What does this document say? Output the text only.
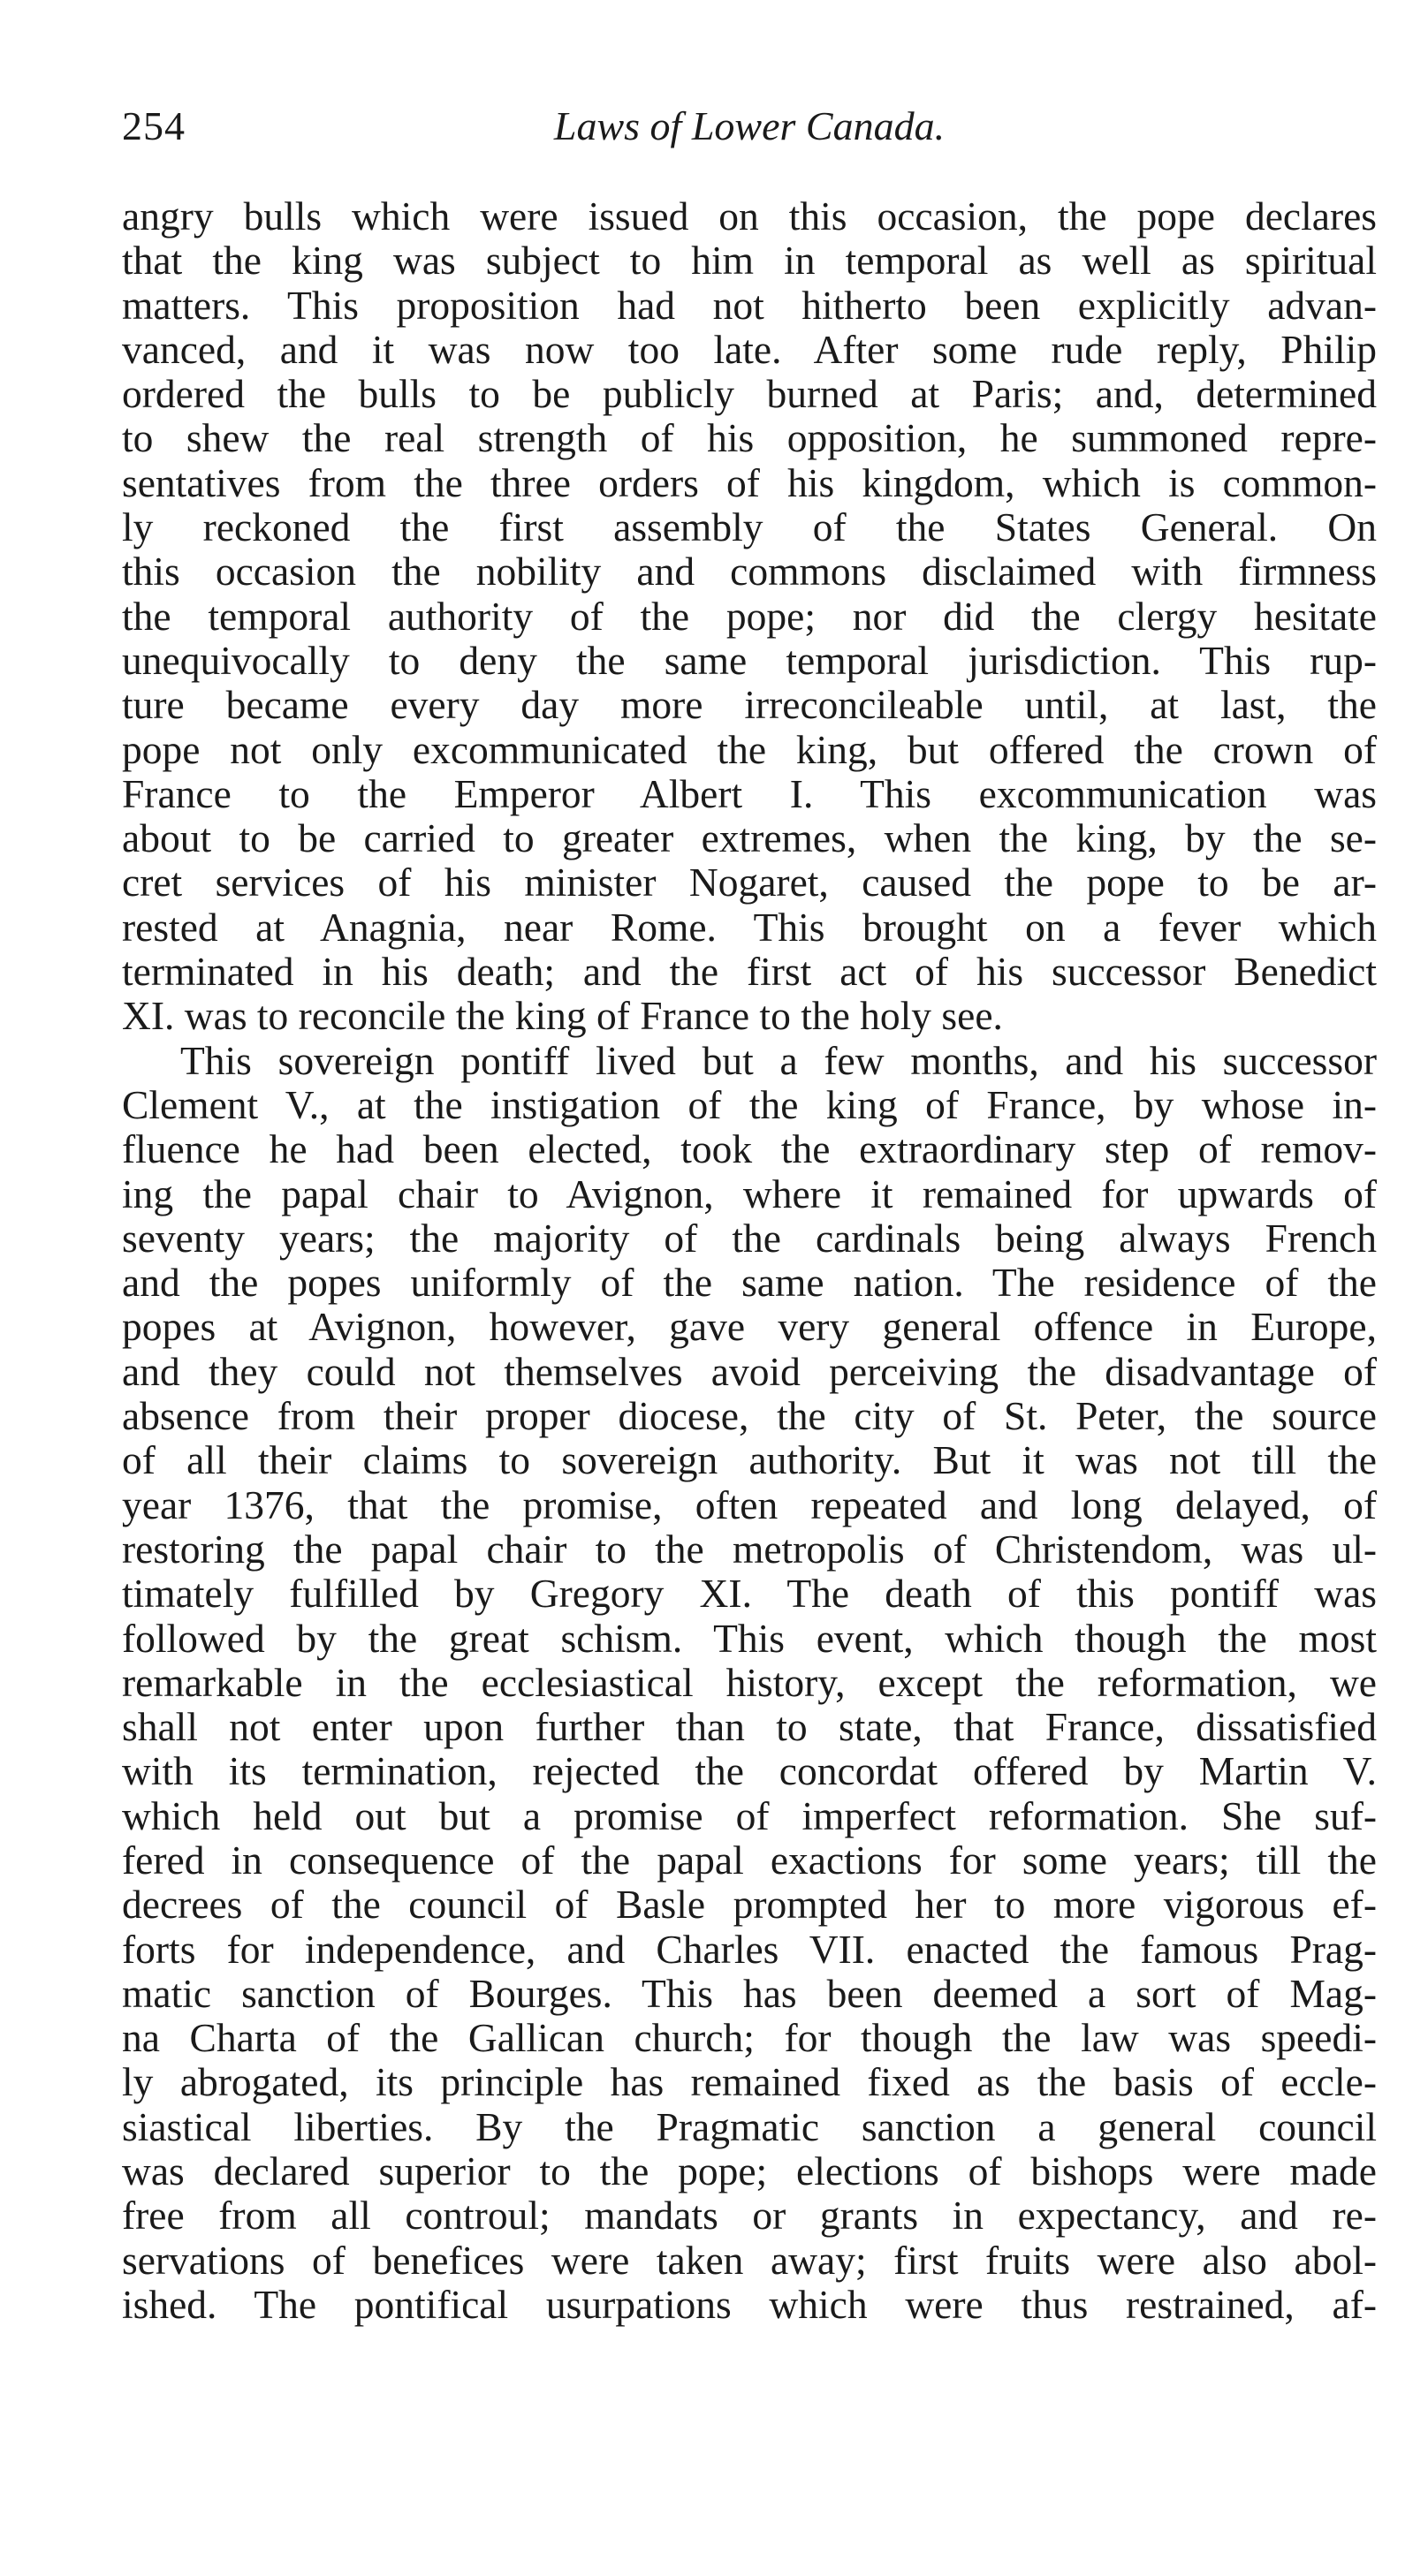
254	Laws of Lower Canada.
angry bulls which were issued on this occasion, the pope declares
that the king was subject to him in temporal as well as spiritual
matters. This proposition had not hitherto been explicitly advan-
vanced, and it was now too late. After some rude reply, Philip
ordered the bulls to be publicly burned at Paris; and, determined
to shew the real strength of his opposition, he summoned repre-
sentatives from the three orders of his kingdom, which is common-
ly reckoned the first assembly of the States General. On
this occasion the nobility and commons disclaimed with firmness
the temporal authority of the pope; nor did the clergy hesitate
unequivocally to deny the same temporal jurisdiction. This rup-
ture became every day more irreconcileable until, at last, the
pope not only excommunicated the king, but offered the crown of
France to the Emperor Albert I. This excommunication was
about to be carried to greater extremes, when the king, by the se-
cret services of his minister Nogaret, caused the pope to be ar-
rested at Anagnia, near Rome. This brought on a fever which
terminated in his death; and the first act of his successor Benedict
XI. was to reconcile the king of France to the holy see.
This sovereign pontiff lived but a few months, and his successor
Clement V., at the instigation of the king of France, by whose in-
fluence he had been elected, took the extraordinary step of remov-
ing the papal chair to Avignon, where it remained for upwards of
seventy years; the majority of the cardinals being always French
and the popes uniformly of the same nation. The residence of the
popes at Avignon, however, gave very general offence in Europe,
and they could not themselves avoid perceiving the disadvantage of
absence from their proper diocese, the city of St. Peter, the source
of all their claims to sovereign authority. But it was not till the
year 1376, that the promise, often repeated and long delayed, of
restoring the papal chair to the metropolis of Christendom, was ul-
timately fulfilled by Gregory XI. The death of this pontiff was
followed by the great schism. This event, which though the most
remarkable in the ecclesiastical history, except the reformation, we
shall not enter upon further than to state, that France, dissatisfied
with its termination, rejected the concordat offered by Martin V.
which held out but a promise of imperfect reformation. She suf-
fered in consequence of the papal exactions for some years; till the
decrees of the council of Basle prompted her to more vigorous ef-
forts for independence, and Charles VII. enacted the famous Prag-
matic sanction of Bourges. This has been deemed a sort of Mag-
na Charta of the Gallican church; for though the law was speedi-
ly abrogated, its principle has remained fixed as the basis of eccle-
siastical liberties. By the Pragmatic sanction a general council
was declared superior to the pope; elections of bishops were made
free from all controul; mandats or grants in expectancy, and re-
servations of benefices were taken away; first fruits were also abol-
ished. The pontifical usurpations which were thus restrained, af-
